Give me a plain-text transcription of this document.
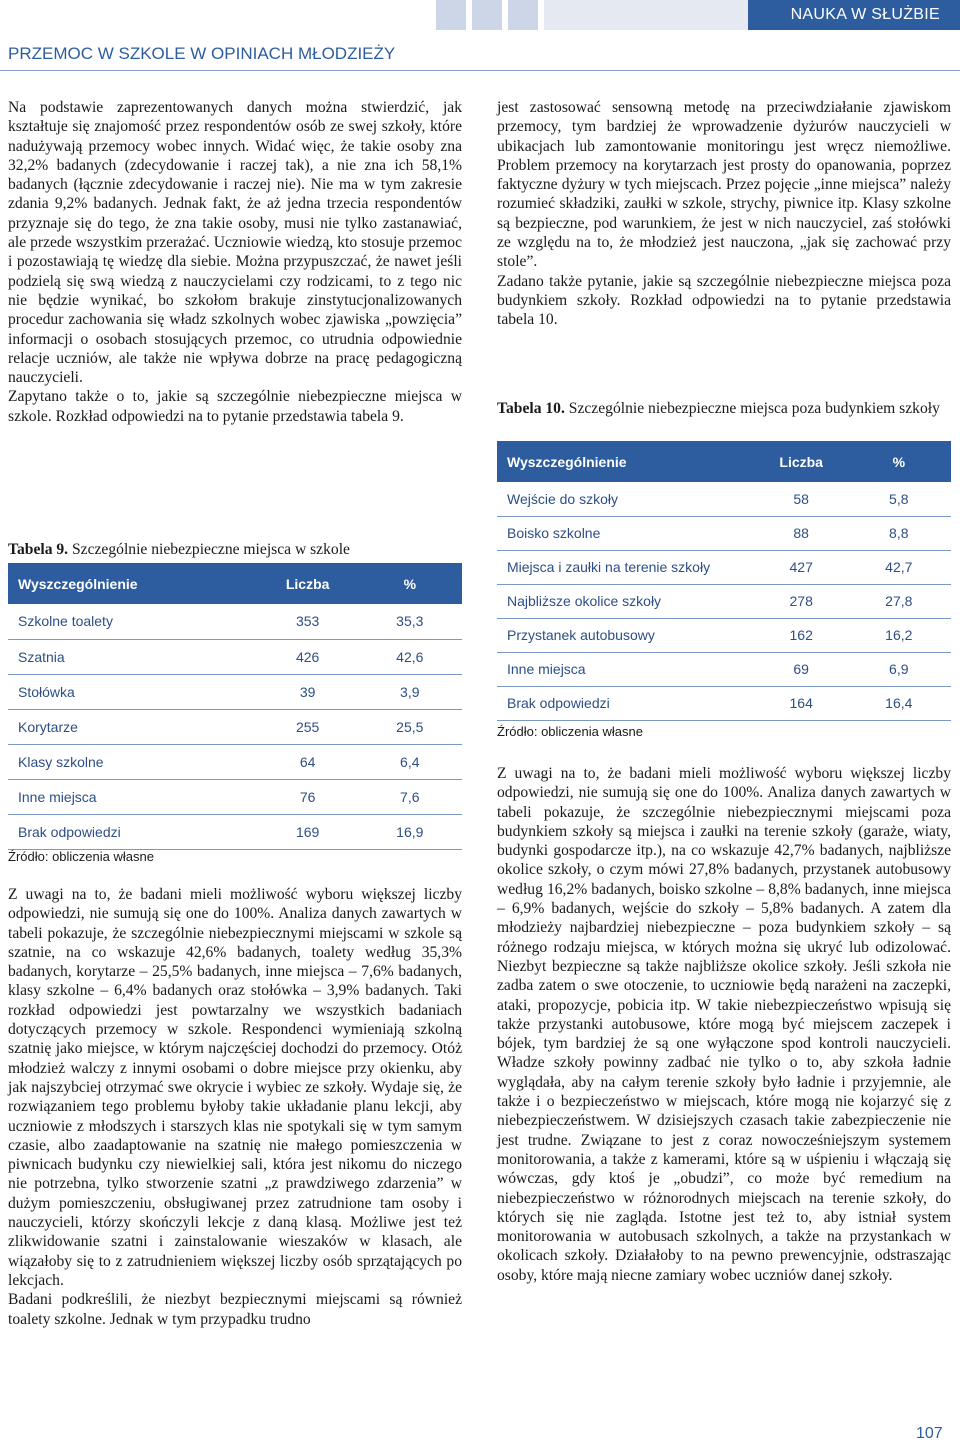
NAUKA W SŁUŻBIE
PRZEMOC W SZKOLE W OPINIACH MŁODZIEŻY

Na podstawie zaprezentowanych danych można stwierdzić, jak kształtuje się znajomość przez respondentów osób ze swej szkoły, które nadużywają przemocy wobec innych. Widać więc, że takie osoby zna 32,2% badanych (zdecydowanie i raczej tak), a nie zna ich 58,1% badanych (łącznie zdecydowanie i raczej nie). Nie ma w tym zakresie zdania 9,2% badanych. Jednak fakt, że aż jedna trzecia respondentów przyznaje się do tego, że zna takie osoby, musi nie tylko zastanawiać, ale przede wszystkim przerażać. Uczniowie wiedzą, kto stosuje przemoc i pozostawiają tę wiedzę dla siebie. Można przypuszczać, że nawet jeśli podzielą się swą wiedzą z nauczycielami czy rodzicami, to z tego nic nie będzie wynikać, bo szkołom brakuje zinstytucjonalizowanych procedur zachowania się władz szkolnych wobec zjawiska „powzięcia” informacji o osobach stosujących przemoc, co utrudnia odpowiednie relacje uczniów, ale także nie wpływa dobrze na pracę pedagogiczną nauczycieli.

Zapytano także o to, jakie są szczególnie niebezpieczne miejsca w szkole. Rozkład odpowiedzi na to pytanie przedstawia tabela 9.

Tabela 9. Szczególnie niebezpieczne miejsca w szkole
Wyszczególnienie	Liczba	%
Szkolne toalety	353	35,3
Szatnia	426	42,6
Stołówka	39	3,9
Korytarze	255	25,5
Klasy szkolne	64	6,4
Inne miejsca	76	7,6
Brak odpowiedzi	169	16,9
Źródło: obliczenia własne

Z uwagi na to, że badani mieli możliwość wyboru większej liczby odpowiedzi, nie sumują się one do 100%. Analiza danych zawartych w tabeli pokazuje, że szczególnie niebezpiecznymi miejscami w szkole są szatnie, na co wskazuje 42,6% badanych, toalety według 35,3% badanych, korytarze – 25,5% badanych, inne miejsca – 7,6% badanych, klasy szkolne – 6,4% badanych oraz stołówka – 3,9% badanych. Taki rozkład odpowiedzi jest powtarzalny we wszystkich badaniach dotyczących przemocy w szkole. Respondenci wymieniają szkolną szatnię jako miejsce, w którym najczęściej dochodzi do przemocy. Otóż młodzież walczy z innymi osobami o dobre miejsce przy okienku, aby jak najszybciej otrzymać swe okrycie i wybiec ze szkoły. Wydaje się, że rozwiązaniem tego problemu byłoby takie układanie planu lekcji, aby uczniowie z młodszych i starszych klas nie spotykali się w tym samym czasie, albo zaadaptowanie na szatnię nie małego pomieszczenia w piwnicach budynku czy niewielkiej sali, która jest nikomu do niczego nie potrzebna, tylko stworzenie szatni „z prawdziwego zdarzenia” w dużym pomieszczeniu, obsługiwanej przez zatrudnione tam osoby i nauczycieli, którzy skończyli lekcje z daną klasą. Możliwe jest też zlikwidowanie szatni i zainstalowanie wieszaków w klasach, ale wiązałoby się to z zatrudnieniem większej liczby osób sprzątających po lekcjach.

Badani podkreślili, że niezbyt bezpiecznymi miejscami są również toalety szkolne. Jednak w tym przypadku trudno

jest zastosować sensowną metodę na przeciwdziałanie zjawiskom przemocy, tym bardziej że wprowadzenie dyżurów nauczycieli w ubikacjach lub zamontowanie monitoringu jest wręcz niemożliwe. Problem przemocy na korytarzach jest prosty do opanowania, poprzez faktyczne dyżury w tych miejscach. Przez pojęcie „inne miejsca” należy rozumieć składziki, zaułki w szkole, strychy, piwnice itp. Klasy szkolne są bezpieczne, pod warunkiem, że jest w nich nauczyciel, zaś stołówki ze względu na to, że młodzież jest nauczona, „jak się zachować przy stole”.

Zadano także pytanie, jakie są szczególnie niebezpieczne miejsca poza budynkiem szkoły. Rozkład odpowiedzi na to pytanie przedstawia tabela 10.

Tabela 10. Szczególnie niebezpieczne miejsca poza budynkiem szkoły
Wyszczególnienie	Liczba	%
Wejście do szkoły	58	5,8
Boisko szkolne	88	8,8
Miejsca i zaułki na terenie szkoły	427	42,7
Najbliższe okolice szkoły	278	27,8
Przystanek autobusowy	162	16,2
Inne miejsca	69	6,9
Brak odpowiedzi	164	16,4
Źródło: obliczenia własne

Z uwagi na to, że badani mieli możliwość wyboru większej liczby odpowiedzi, nie sumują się one do 100%. Analiza danych zawartych w tabeli pokazuje, że szczególnie niebezpiecznymi miejscami poza budynkiem szkoły są miejsca i zaułki na terenie szkoły (garaże, wiaty, budynki gospodarcze itp.), na co wskazuje 42,7% badanych, najbliższe okolice szkoły, o czym mówi 27,8% badanych, przystanek autobusowy według 16,2% badanych, boisko szkolne – 8,8% badanych, inne miejsca – 6,9% badanych, wejście do szkoły – 5,8% badanych. A zatem dla młodzieży najbardziej niebezpieczne – poza budynkiem szkoły – są różnego rodzaju miejsca, w których można się ukryć lub odizolować. Niezbyt bezpieczne są także najbliższe okolice szkoły. Jeśli szkoła nie zadba zatem o swe otoczenie, to uczniowie będą narażeni na zaczepki, ataki, propozycje, pobicia itp. W takie niebezpieczeństwo wpisują się także przystanki autobusowe, które mogą być miejscem zaczepek i bójek, tym bardziej że są one wyłączone spod kontroli nauczycieli. Władze szkoły powinny zadbać nie tylko o to, aby szkoła ładnie wyglądała, aby na całym terenie szkoły było ładnie i przyjemnie, ale także i o bezpieczeństwo w miejscach, które mogą nie kojarzyć się z niebezpieczeństwem. W dzisiejszych czasach takie zabezpieczenie nie jest trudne. Związane to jest z coraz nowocześniejszym systemem monitorowania, a także z kamerami, które są w uśpieniu i włączają się wówczas, gdy ktoś je „obudzi”, co może być remedium na niebezpieczeństwo w różnorodnych miejscach na terenie szkoły, do których się nie zagląda. Istotne jest też to, aby istniał system monitorowania w autobusach szkolnych, a także na przystankach w okolicach szkoły. Działałoby to na pewno prewencyjnie, odstraszając osoby, które mają niecne zamiary wobec uczniów danej szkoły.

107
